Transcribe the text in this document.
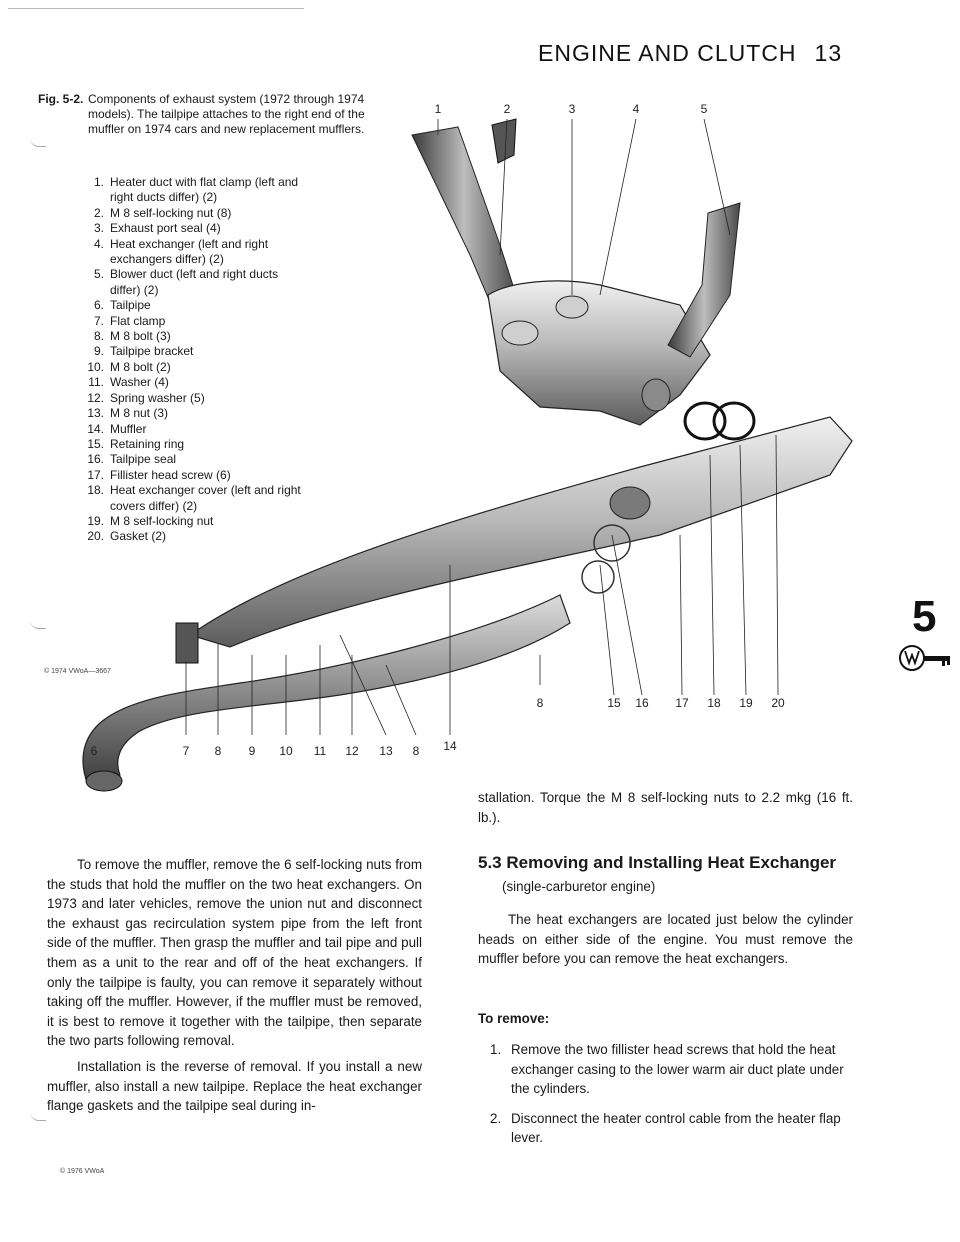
ENGINE AND CLUTCH 13
Fig. 5-2. Components of exhaust system (1972 through 1974 models). The tailpipe attaches to the right end of the muffler on 1974 cars and new replacement mufflers.
1. Heater duct with flat clamp (left and right ducts differ) (2)
2. M 8 self-locking nut (8)
3. Exhaust port seal (4)
4. Heat exchanger (left and right exchangers differ) (2)
5. Blower duct (left and right ducts differ) (2)
6. Tailpipe
7. Flat clamp
8. M 8 bolt (3)
9. Tailpipe bracket
10. M 8 bolt (2)
11. Washer (4)
12. Spring washer (5)
13. M 8 nut (3)
14. Muffler
15. Retaining ring
16. Tailpipe seal
17. Fillister head screw (6)
18. Heat exchanger cover (left and right covers differ) (2)
19. M 8 self-locking nut
20. Gasket (2)
1	2	3	4	5
6	7 8 9 10 11 12 13 8 14
8	15 16 17 18 19 20
© 1974 VWoA—3667

To remove the muffler, remove the 6 self-locking nuts from the studs that hold the muffler on the two heat exchangers. On 1973 and later vehicles, remove the union nut and disconnect the exhaust gas recirculation system pipe from the left front side of the muffler. Then grasp the muffler and tail pipe and pull them as a unit to the rear and off of the heat exchangers. If only the tailpipe is faulty, you can remove it separately without taking off the muffler. However, if the muffler must be removed, it is best to remove it together with the tailpipe, then separate the two parts following removal.

Installation is the reverse of removal. If you install a new muffler, also install a new tailpipe. Replace the heat exchanger flange gaskets and the tailpipe seal during in-

stallation. Torque the M 8 self-locking nuts to 2.2 mkg (16 ft. lb.).

5.3 Removing and Installing Heat Exchanger

(single-carburetor engine)

The heat exchangers are located just below the cylinder heads on either side of the engine. You must remove the muffler before you can remove the heat exchangers.

To remove:

1. Remove the two fillister head screws that hold the heat exchanger casing to the lower warm air duct plate under the cylinders.
2. Disconnect the heater control cable from the heater flap lever.
5
© 1976 VWoA
